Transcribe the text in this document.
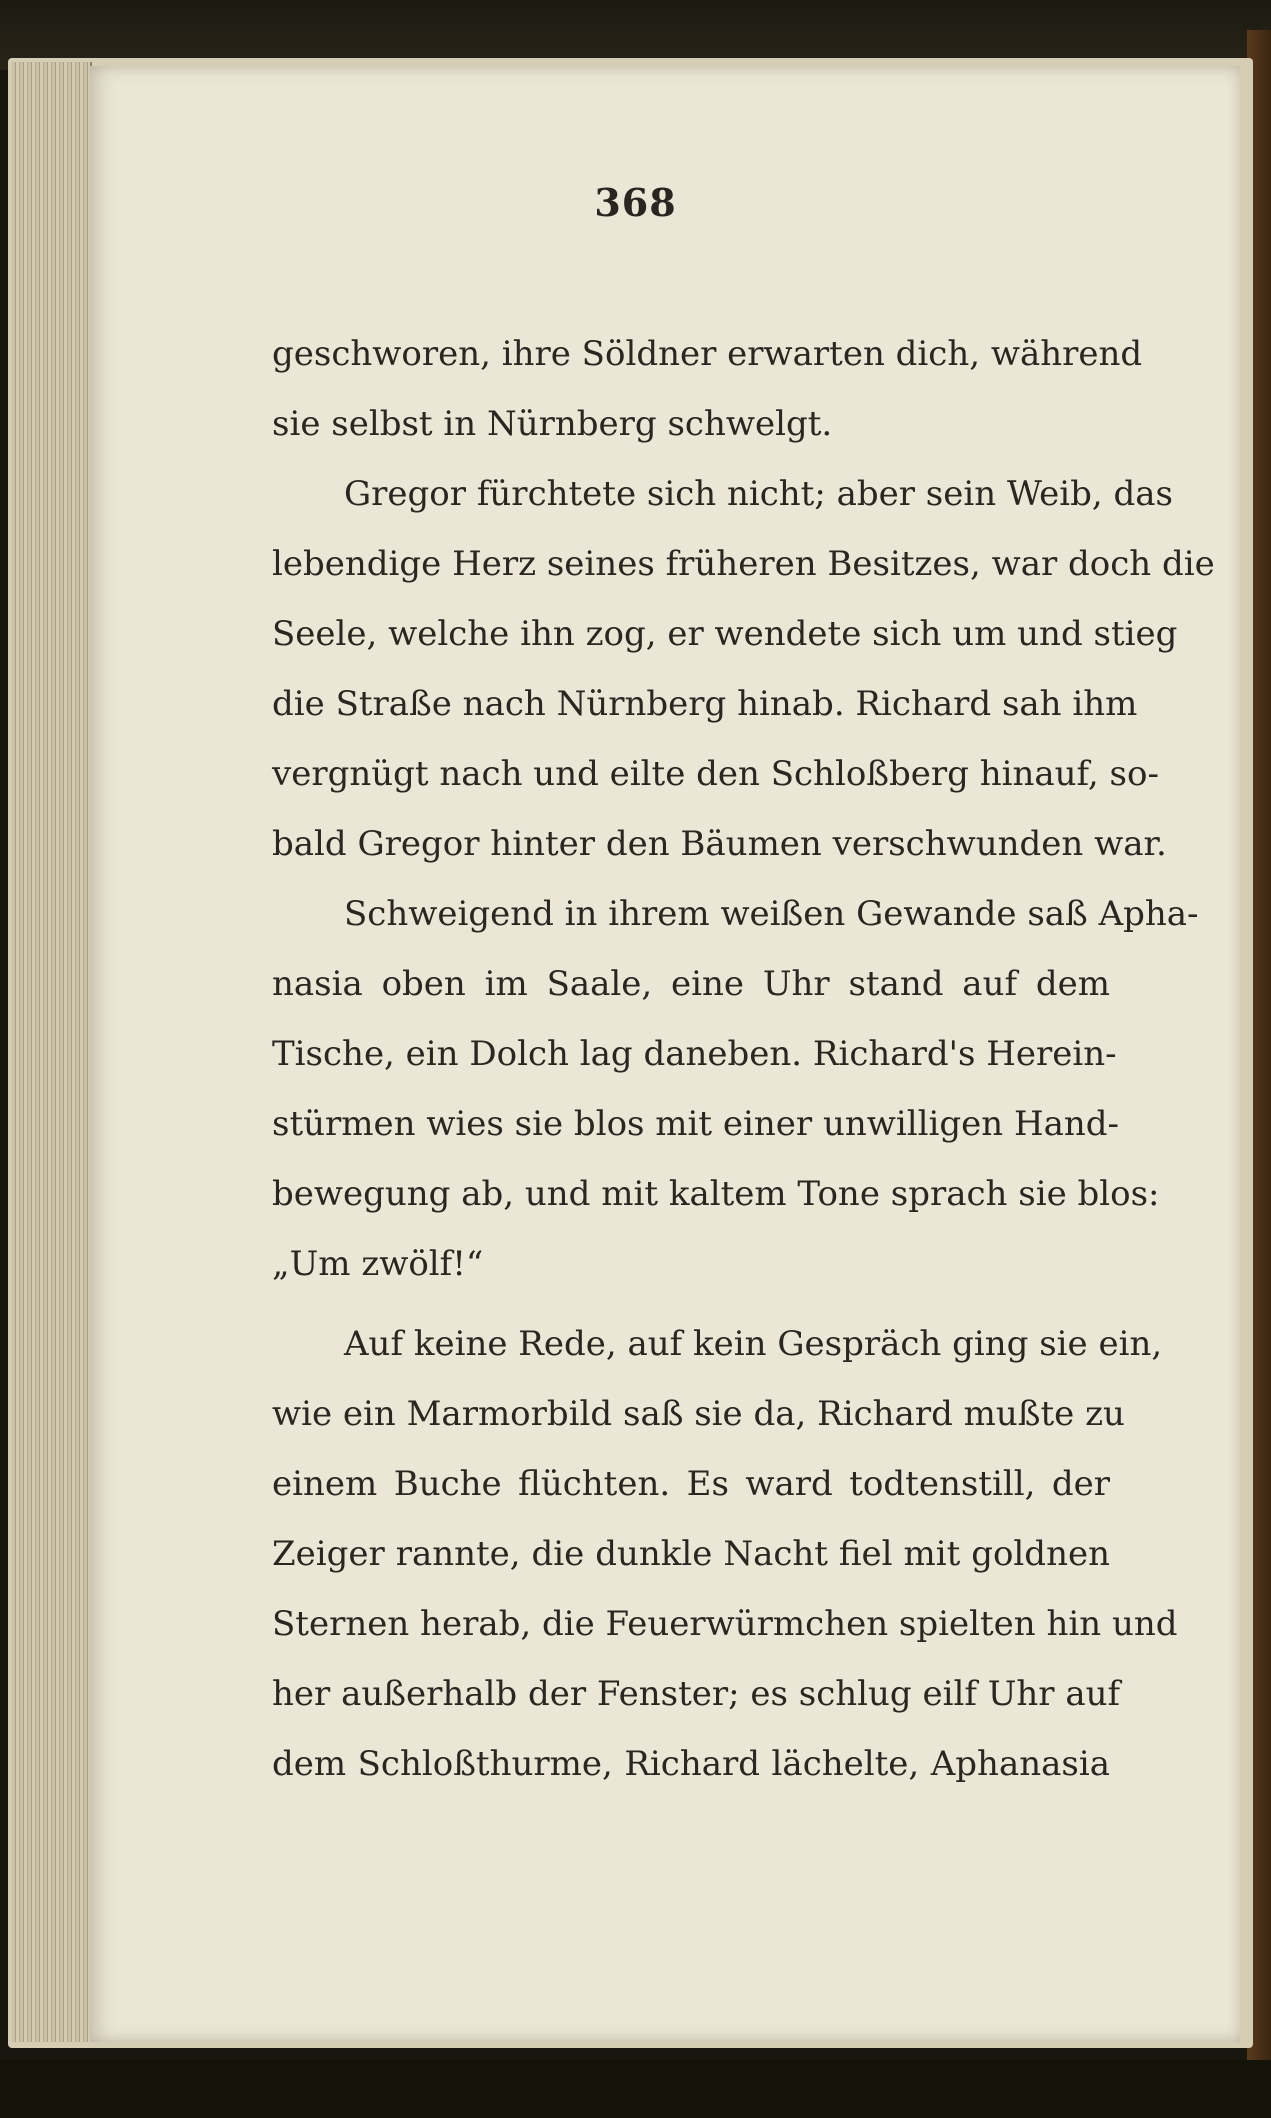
368
geschworen, ihre Söldner erwarten dich, während
sie selbst in Nürnberg schwelgt.
Gregor fürchtete sich nicht; aber sein Weib, das
lebendige Herz seines früheren Besitzes, war doch die
Seele, welche ihn zog, er wendete sich um und stieg
die Straße nach Nürnberg hinab. Richard sah ihm
vergnügt nach und eilte den Schloßberg hinauf, so-
bald Gregor hinter den Bäumen verschwunden war.
Schweigend in ihrem weißen Gewande saß Apha-
nasia oben im Saale, eine Uhr stand auf dem
Tische, ein Dolch lag daneben. Richard's Herein-
stürmen wies sie blos mit einer unwilligen Hand-
bewegung ab, und mit kaltem Tone sprach sie blos:
„Um zwölf!“
Auf keine Rede, auf kein Gespräch ging sie ein,
wie ein Marmorbild saß sie da, Richard mußte zu
einem Buche flüchten. Es ward todtenstill, der
Zeiger rannte, die dunkle Nacht fiel mit goldnen
Sternen herab, die Feuerwürmchen spielten hin und
her außerhalb der Fenster; es schlug eilf Uhr auf
dem Schloßthurme, Richard lächelte, Aphanasia
